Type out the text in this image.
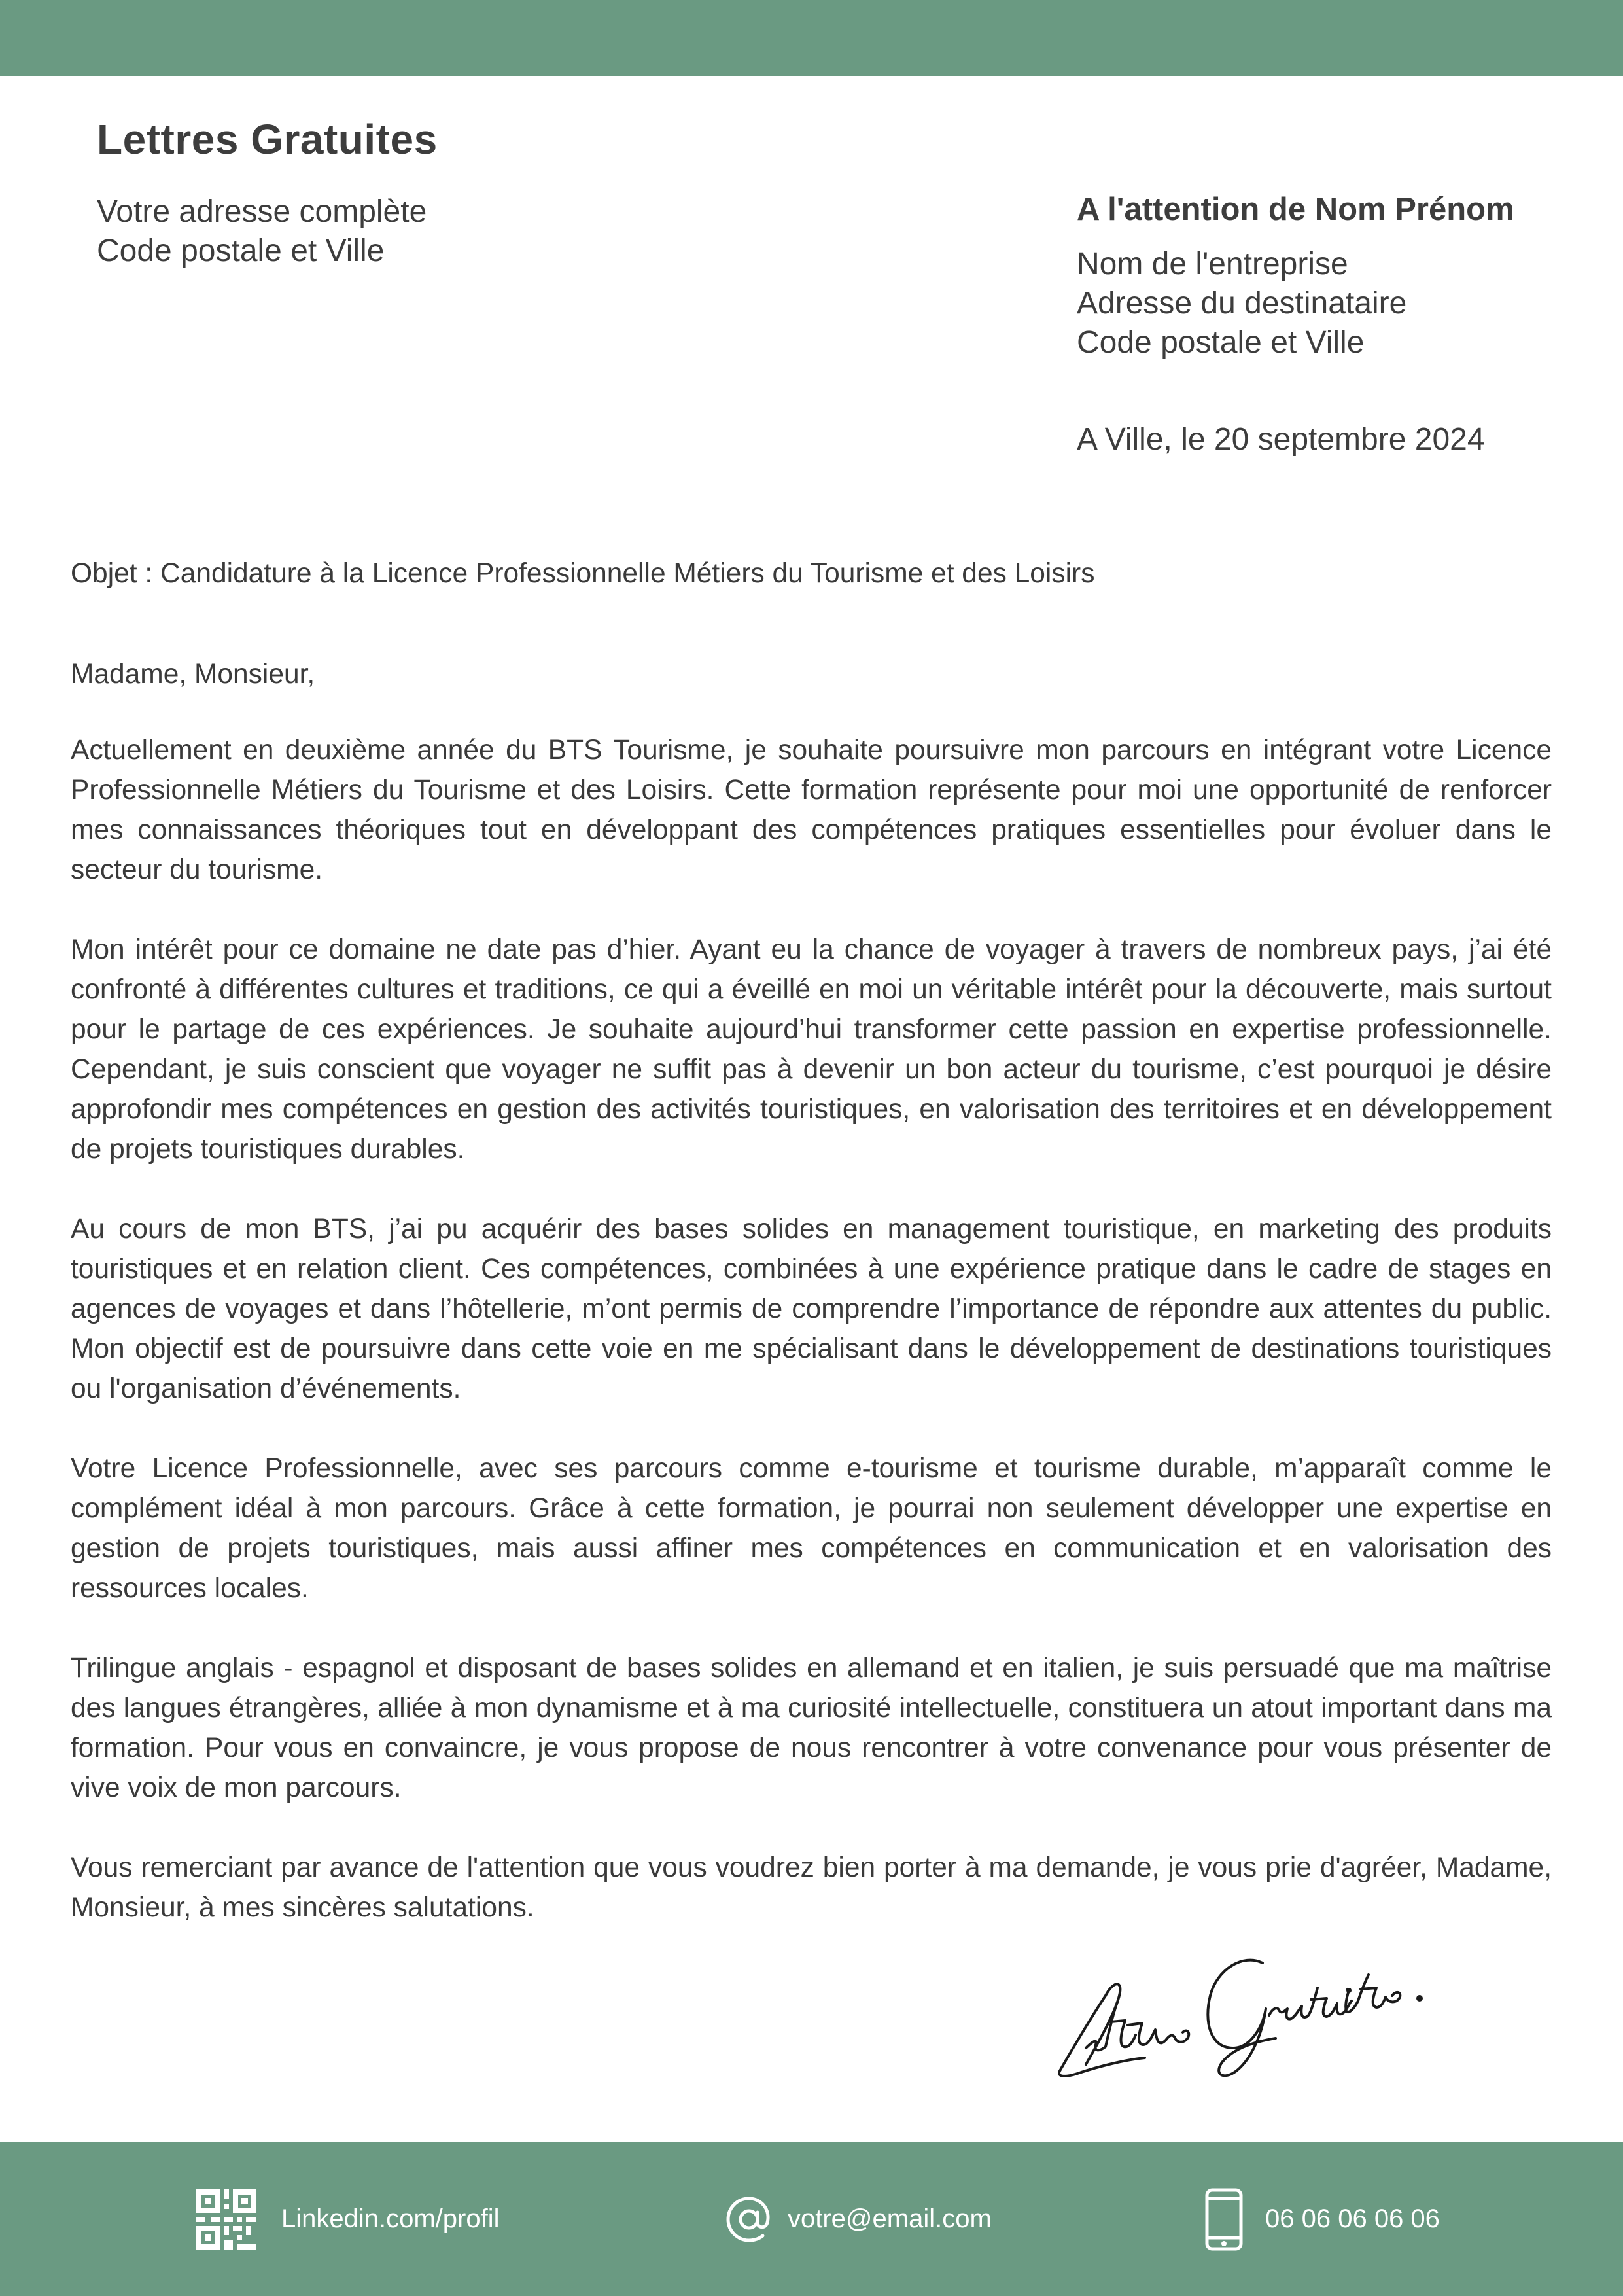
Lettres Gratuites
Votre adresse complète
Code postale et Ville
A l'attention de Nom Prénom
Nom de l'entreprise
Adresse du destinataire
Code postale et Ville
A Ville, le 20 septembre 2024
Objet : Candidature à la Licence Professionnelle Métiers du Tourisme et des Loisirs
Madame, Monsieur,

Actuellement en deuxième année du BTS Tourisme, je souhaite poursuivre mon parcours en intégrant votre Licence Professionnelle Métiers du Tourisme et des Loisirs. Cette formation représente pour moi une opportunité de renforcer mes connaissances théoriques tout en développant des compétences pratiques essentielles pour évoluer dans le secteur du tourisme.

Mon intérêt pour ce domaine ne date pas d’hier. Ayant eu la chance de voyager à travers de nombreux pays, j’ai été confronté à différentes cultures et traditions, ce qui a éveillé en moi un véritable intérêt pour la découverte, mais surtout pour le partage de ces expériences. Je souhaite aujourd’hui transformer cette passion en expertise professionnelle. Cependant, je suis conscient que voyager ne suffit pas à devenir un bon acteur du tourisme, c’est pourquoi je désire approfondir mes compétences en gestion des activités touristiques, en valorisation des territoires et en développement de projets touristiques durables.

Au cours de mon BTS, j’ai pu acquérir des bases solides en management touristique, en marketing des produits touristiques et en relation client. Ces compétences, combinées à une expérience pratique dans le cadre de stages en agences de voyages et dans l’hôtellerie, m’ont permis de comprendre l’importance de répondre aux attentes du public. Mon objectif est de poursuivre dans cette voie en me spécialisant dans le développement de destinations touristiques ou l'organisation d’événements.

Votre Licence Professionnelle, avec ses parcours comme e-tourisme et tourisme durable, m’apparaît comme le complément idéal à mon parcours. Grâce à cette formation, je pourrai non seulement développer une expertise en gestion de projets touristiques, mais aussi affiner mes compétences en communication et en valorisation des ressources locales.

Trilingue anglais - espagnol et disposant de bases solides en allemand et en italien, je suis persuadé que ma maîtrise des langues étrangères, alliée à mon dynamisme et à ma curiosité intellectuelle, constituera un atout important dans ma formation. Pour vous en convaincre, je vous propose de nous rencontrer à votre convenance pour vous présenter de vive voix de mon parcours.

Vous remerciant par avance de l'attention que vous voudrez bien porter à ma demande, je vous prie d'agréer, Madame, Monsieur, à mes sincères salutations.

Linkedin.com/profil	votre@email.com	06 06 06 06 06
